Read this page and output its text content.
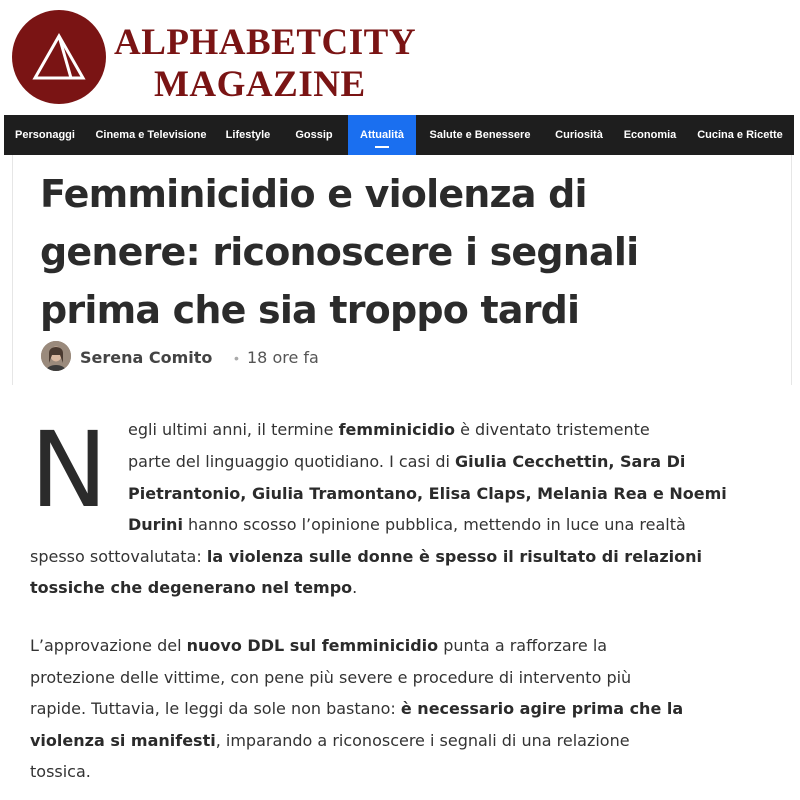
ALPHABETCITY
MAGAZINE
Personaggi	Cinema e Televisione	Lifestyle	Gossip	Attualità	Salute e Benessere	Curiosità	Economia	Cucina e Ricette
Femminicidio e violenza di
genere: riconoscere i segnali
prima che sia troppo tardi
Serena Comito • 18 ore fa
N egli ultimi anni, il termine femminicidio è diventato tristemente
parte del linguaggio quotidiano. I casi di Giulia Cecchettin, Sara Di
Pietrantonio, Giulia Tramontano, Elisa Claps, Melania Rea e Noemi
Durini hanno scosso l’opinione pubblica, mettendo in luce una realtà
spesso sottovalutata: la violenza sulle donne è spesso il risultato di relazioni
tossiche che degenerano nel tempo.
L’approvazione del nuovo DDL sul femminicidio punta a rafforzare la
protezione delle vittime, con pene più severe e procedure di intervento più
rapide. Tuttavia, le leggi da sole non bastano: è necessario agire prima che la
violenza si manifesti, imparando a riconoscere i segnali di una relazione
tossica.
